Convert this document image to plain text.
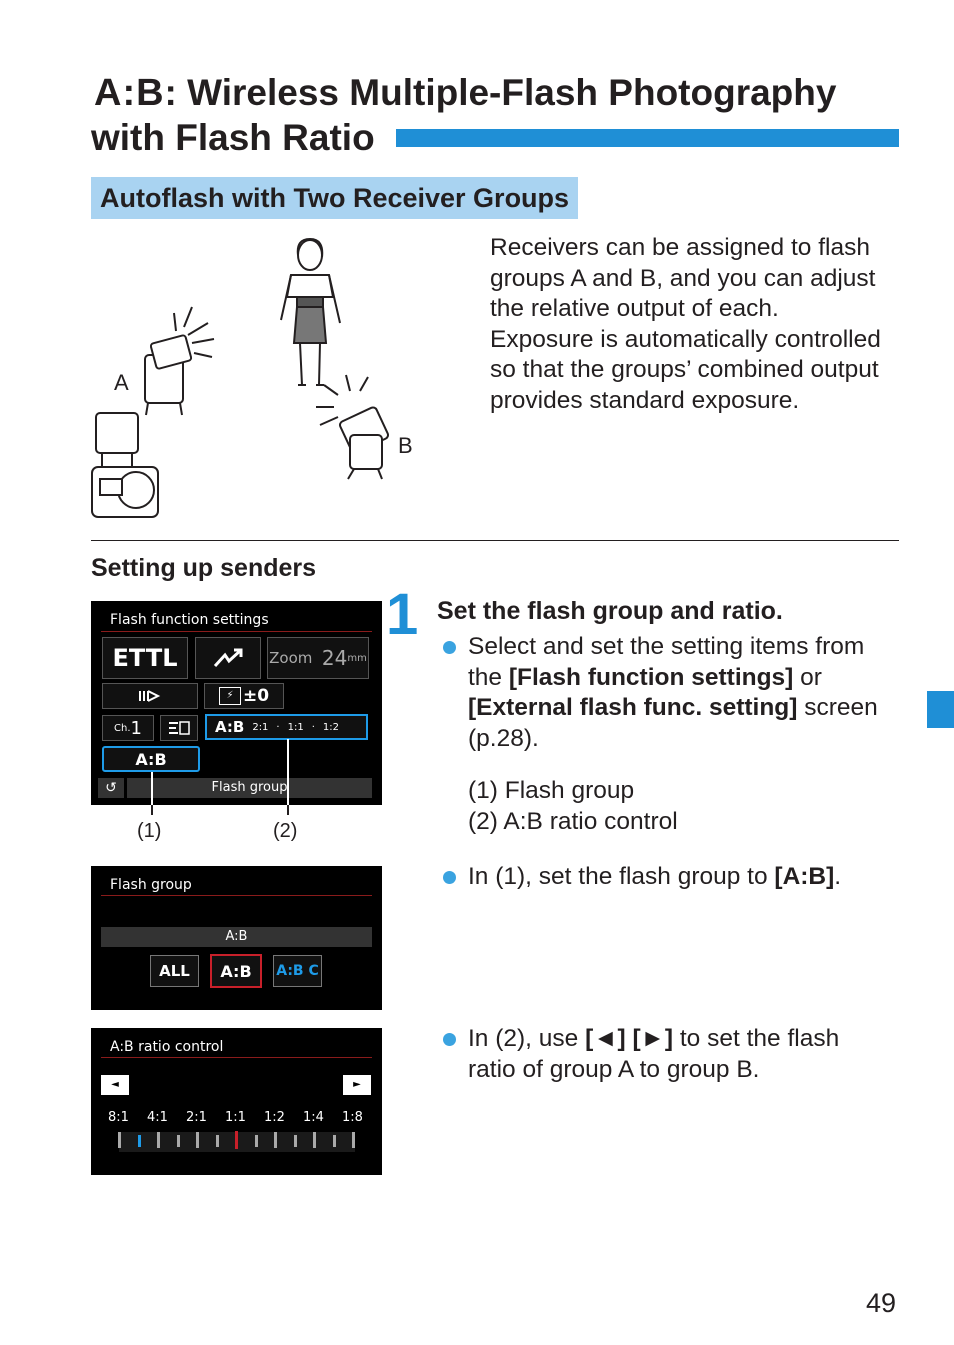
A:B: Wireless Multiple-Flash Photography
with Flash Ratio
Autoflash with Two Receiver Groups
A
B
Receivers can be assigned to flash
groups A and B, and you can adjust
the relative output of each.
Exposure is automatically controlled
so that the groups’ combined output
provides standard exposure.
Setting up senders
Flash function settings
ETTL	Zoom
24 mm
⚡ ±0
Ch. 1	A:B 2:1 · 1:1 · 1:2
A:B
↺	Flash group
(1)	(2)
Flash group
A:B
ALL	A:B	A:B C
A:B ratio control
◄	►
8:1 4:1 2:1 1:1 1:2 1:4 1:8
1 Set the flash group and ratio.
Select and set the setting items from
the [Flash function settings] or
[External flash func. setting] screen
(p.28).
(1) Flash group
(2) A:B ratio control
In (1), set the flash group to [A:B].
In (2), use [◄] [►] to set the flash
ratio of group A to group B.
49
